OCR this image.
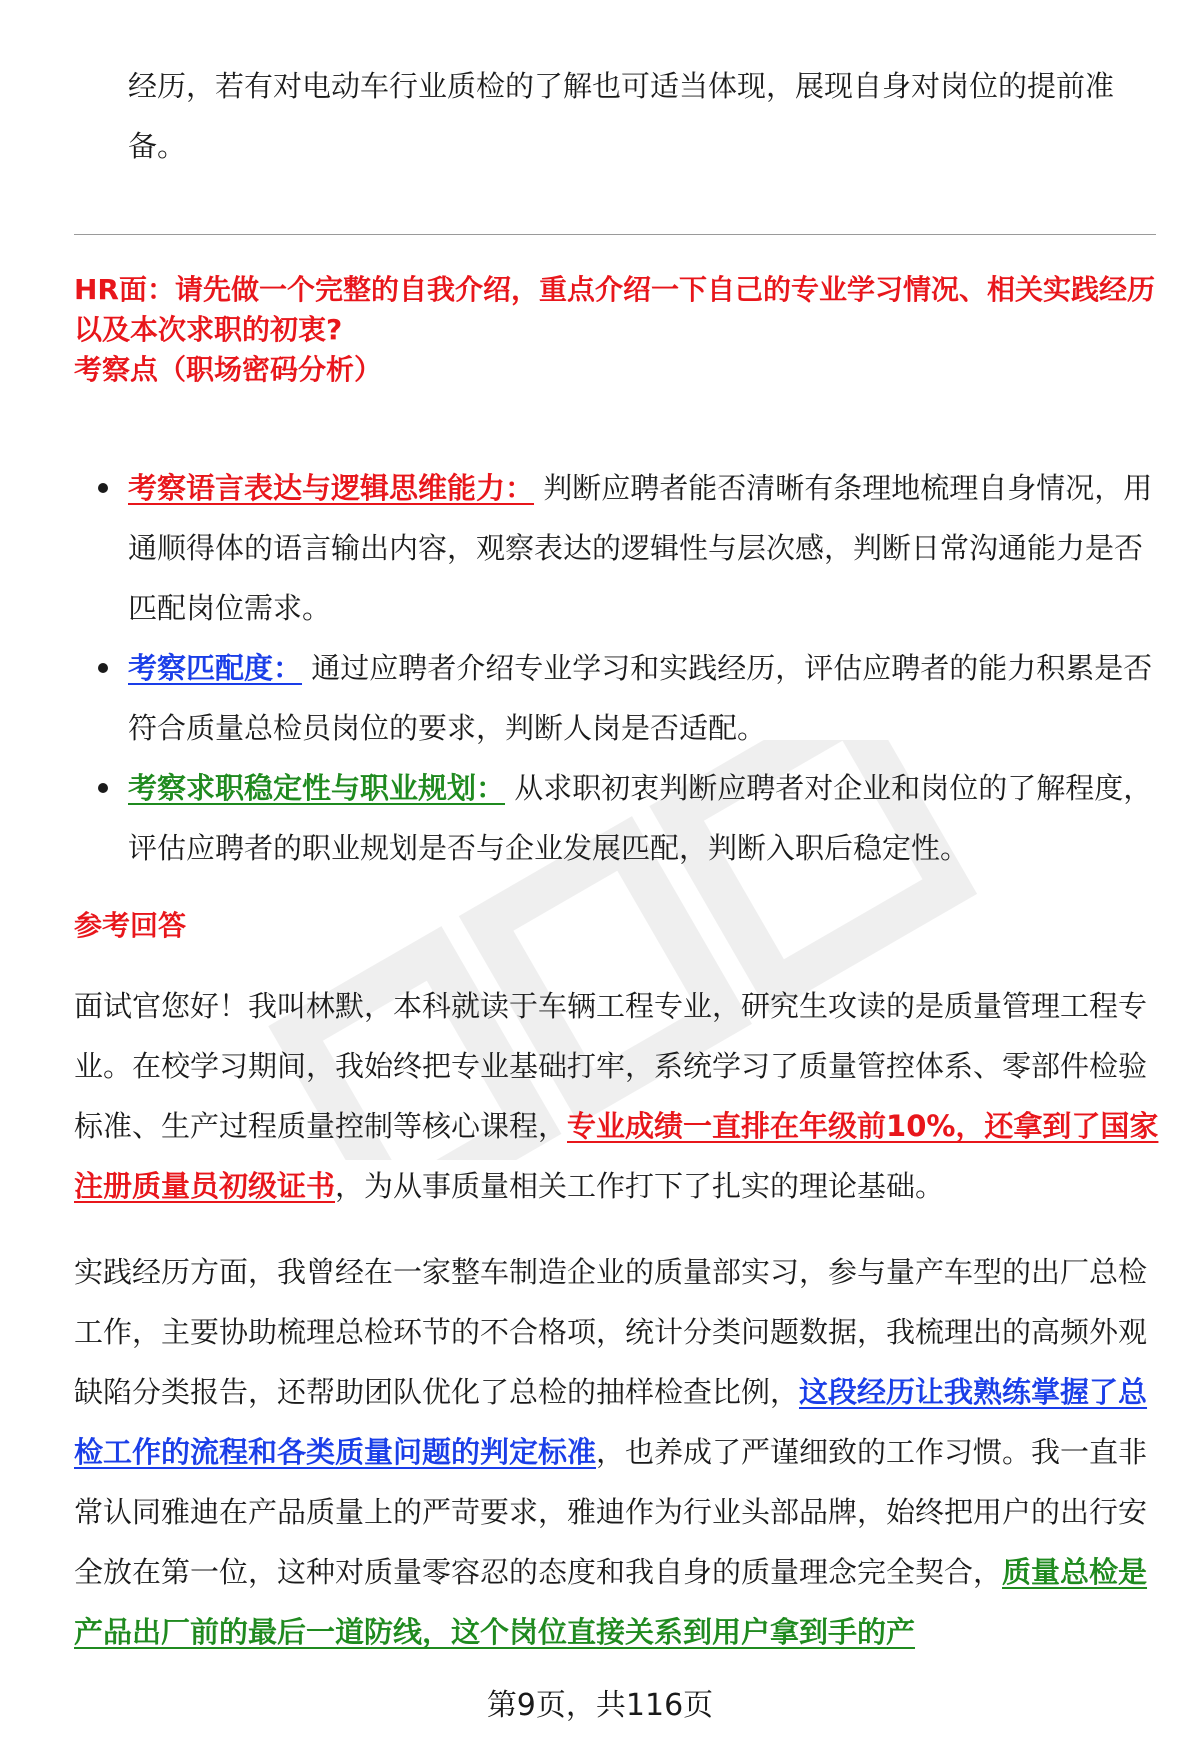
经历，若有对电动车行业质检的了解也可适当体现，展现自身对岗位的提前准备。

HR面：请先做一个完整的自我介绍，重点介绍一下自己的专业学习情况、相关实践经历以及本次求职的初衷?

考察点（职场密码分析）

考察语言表达与逻辑思维能力： 判断应聘者能否清晰有条理地梳理自身情况，用通顺得体的语言输出内容，观察表达的逻辑性与层次感，判断日常沟通能力是否匹配岗位需求。

考察匹配度： 通过应聘者介绍专业学习和实践经历，评估应聘者的能力积累是否符合质量总检员岗位的要求，判断人岗是否适配。

考察求职稳定性与职业规划： 从求职初衷判断应聘者对企业和岗位的了解程度，评估应聘者的职业规划是否与企业发展匹配，判断入职后稳定性。

参考回答

面试官您好！我叫林默，本科就读于车辆工程专业，研究生攻读的是质量管理工程专业。在校学习期间，我始终把专业基础打牢，系统学习了质量管控体系、零部件检验标准、生产过程质量控制等核心课程，专业成绩一直排在年级前10%，还拿到了国家注册质量员初级证书，为从事质量相关工作打下了扎实的理论基础。

实践经历方面，我曾经在一家整车制造企业的质量部实习，参与量产车型的出厂总检工作，主要协助梳理总检环节的不合格项，统计分类问题数据，我梳理出的高频外观缺陷分类报告，还帮助团队优化了总检的抽样检查比例，这段经历让我熟练掌握了总检工作的流程和各类质量问题的判定标准，也养成了严谨细致的工作习惯。我一直非常认同雅迪在产品质量上的严苛要求，雅迪作为行业头部品牌，始终把用户的出行安全放在第一位，这种对质量零容忍的态度和我自身的质量理念完全契合，质量总检是产品出厂前的最后一道防线，这个岗位直接关系到用户拿到手的产

第9页，共116页
